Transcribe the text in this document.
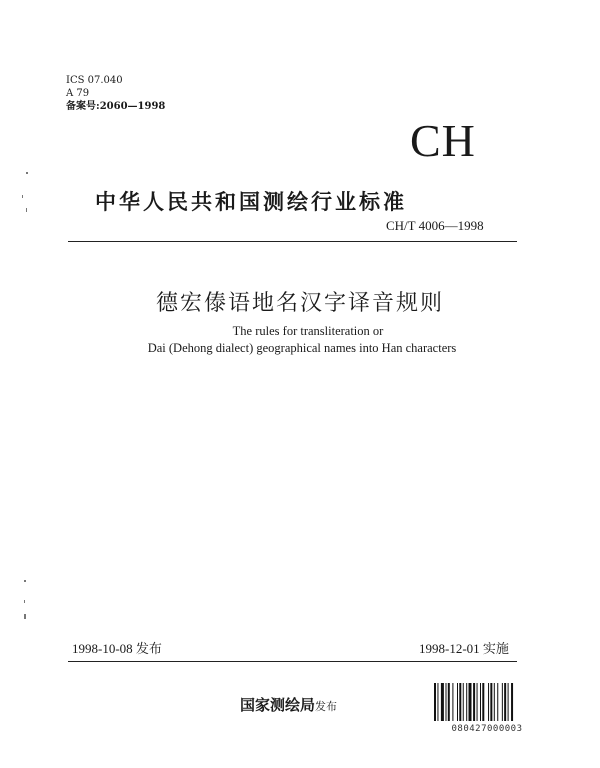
ICS 07.040
A 79
备案号:2060—1998
CH
中华人民共和国测绘行业标准
CH/T 4006—1998
德宏傣语地名汉字译音规则
The rules for transliteration or
Dai (Dehong dialect) geographical names into Han characters
1998-10-08 发布	1998-12-01 实施
国家测绘局发布
080427000003
